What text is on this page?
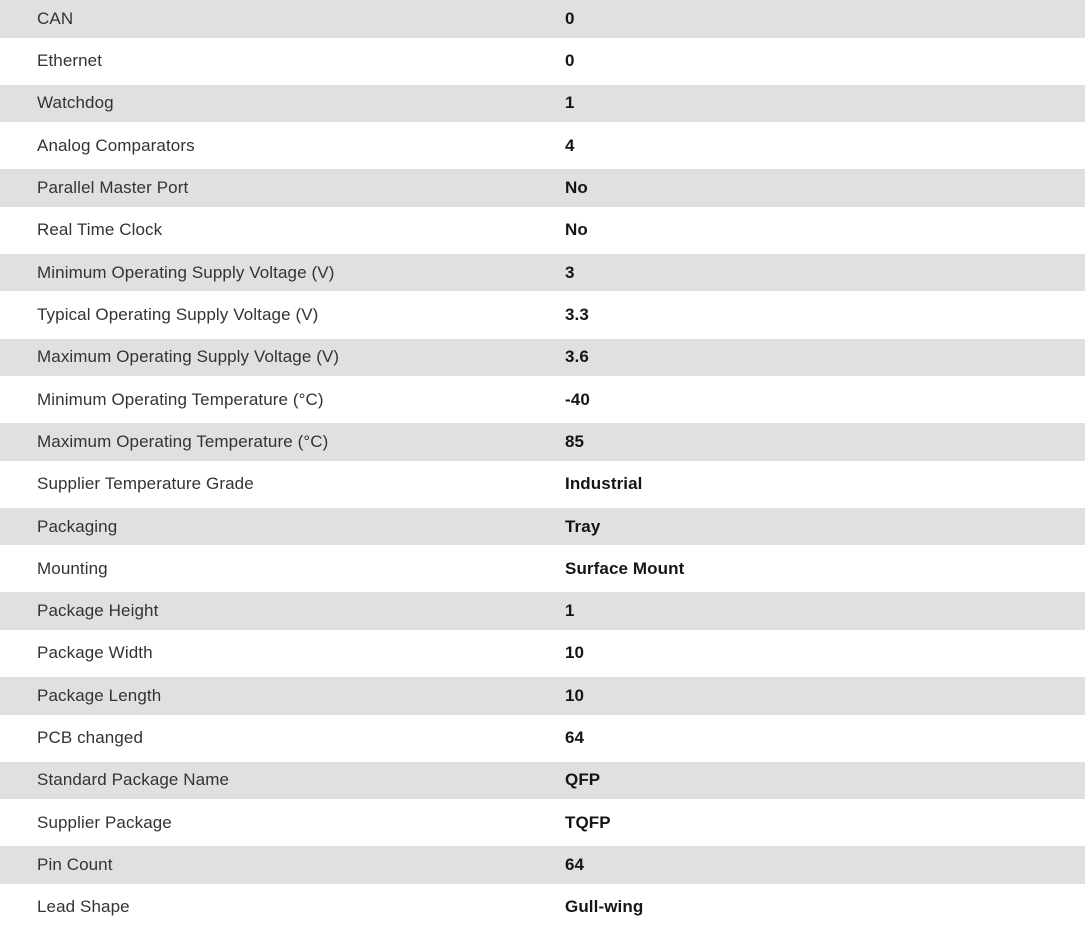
CAN	0
Ethernet	0
Watchdog	1
Analog Comparators	4
Parallel Master Port	No
Real Time Clock	No
Minimum Operating Supply Voltage (V)	3
Typical Operating Supply Voltage (V)	3.3
Maximum Operating Supply Voltage (V)	3.6
Minimum Operating Temperature (°C)	-40
Maximum Operating Temperature (°C)	85
Supplier Temperature Grade	Industrial
Packaging	Tray
Mounting	Surface Mount
Package Height	1
Package Width	10
Package Length	10
PCB changed	64
Standard Package Name	QFP
Supplier Package	TQFP
Pin Count	64
Lead Shape	Gull-wing
